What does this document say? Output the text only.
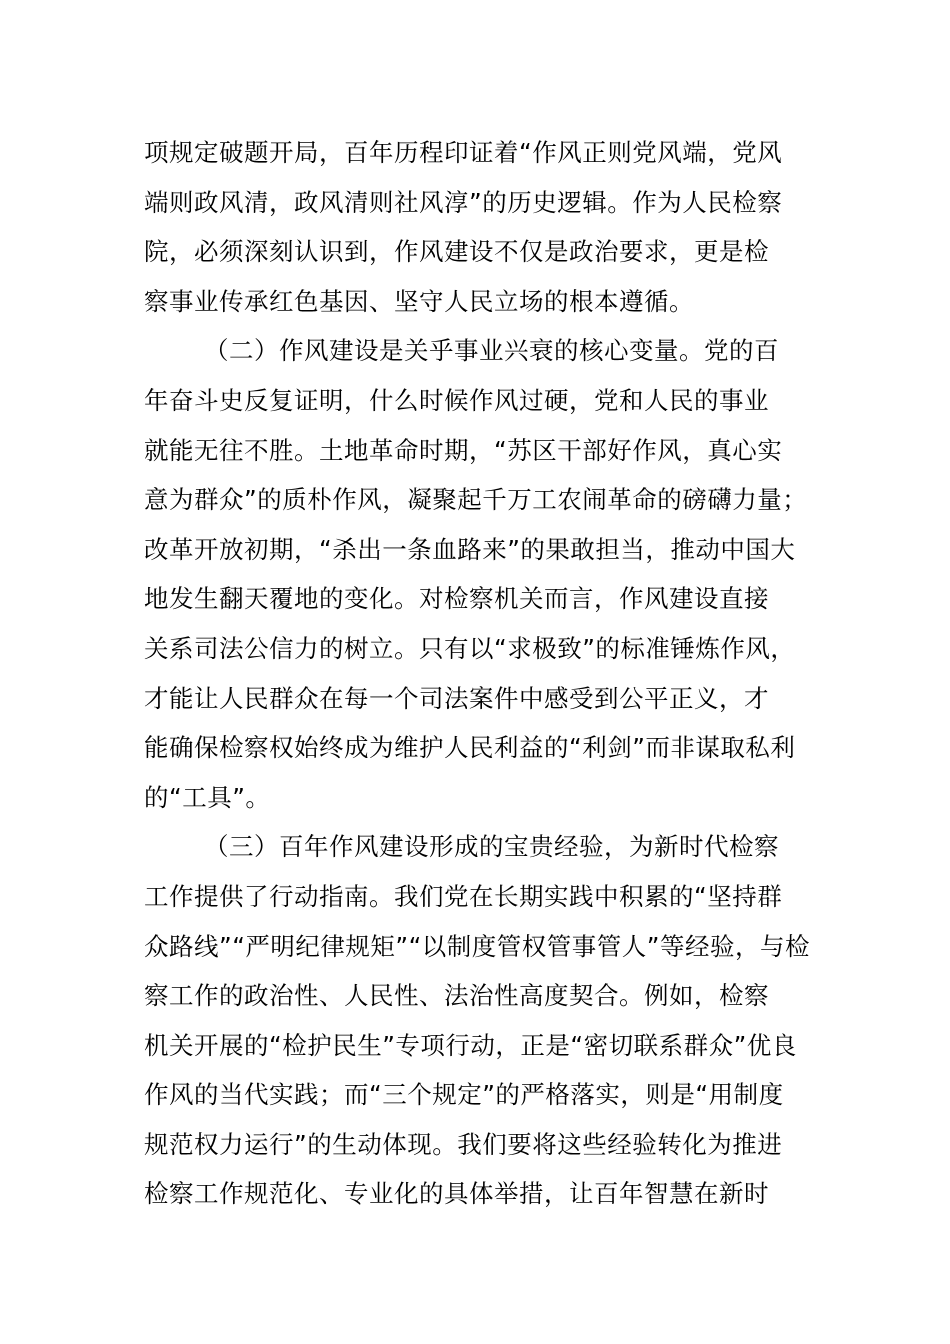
项规定破题开局，百年历程印证着“作风正则党风端，党风
端则政风清，政风清则社风淳”的历史逻辑。作为人民检察
院，必须深刻认识到，作风建设不仅是政治要求，更是检
察事业传承红色基因、坚守人民立场的根本遵循。
（二）作风建设是关乎事业兴衰的核心变量。党的百
年奋斗史反复证明，什么时候作风过硬，党和人民的事业
就能无往不胜。土地革命时期，“苏区干部好作风，真心实
意为群众”的质朴作风，凝聚起千万工农闹革命的磅礴力量；
改革开放初期，“杀出一条血路来”的果敢担当，推动中国大
地发生翻天覆地的变化。对检察机关而言，作风建设直接
关系司法公信力的树立。只有以“求极致”的标准锤炼作风，
才能让人民群众在每一个司法案件中感受到公平正义，才
能确保检察权始终成为维护人民利益的“利剑”而非谋取私利
的“工具”。
（三）百年作风建设形成的宝贵经验，为新时代检察
工作提供了行动指南。我们党在长期实践中积累的“坚持群
众路线”“严明纪律规矩”“以制度管权管事管人”等经验，与检
察工作的政治性、人民性、法治性高度契合。例如，检察
机关开展的“检护民生”专项行动，正是“密切联系群众”优良
作风的当代实践；而“三个规定”的严格落实，则是“用制度
规范权力运行”的生动体现。我们要将这些经验转化为推进
检察工作规范化、专业化的具体举措，让百年智慧在新时
